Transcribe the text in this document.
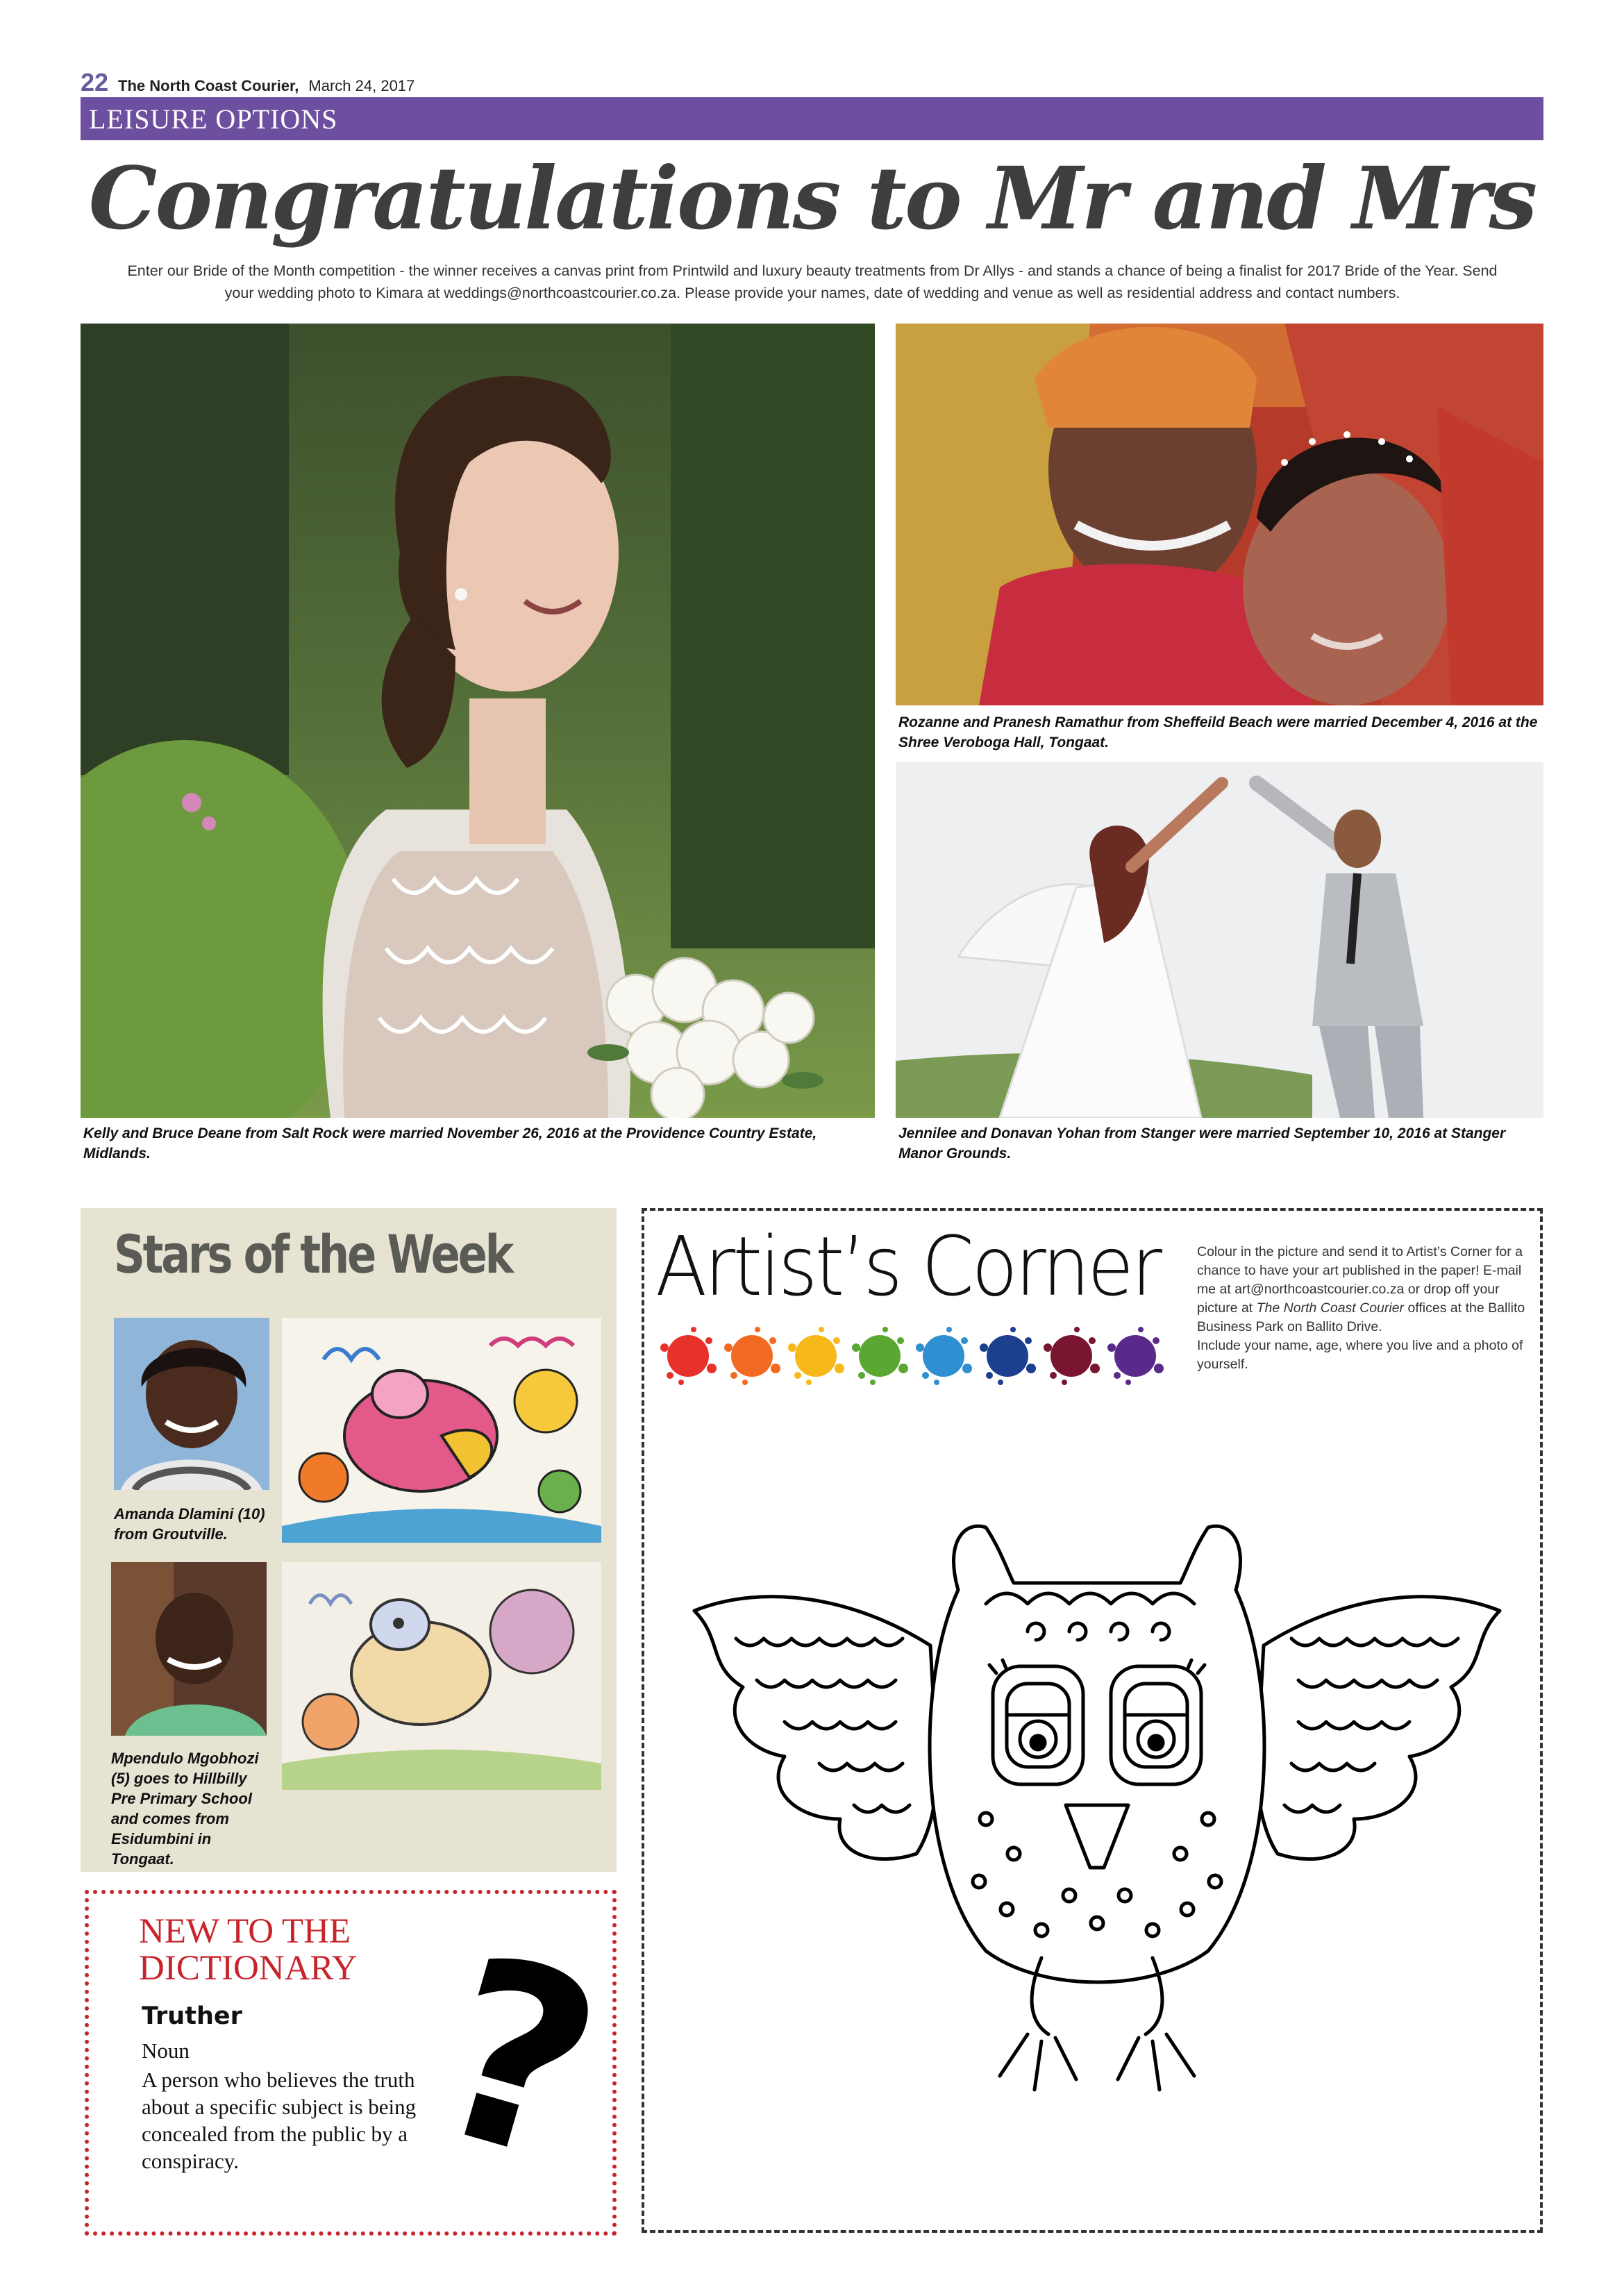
22 The North Coast Courier, March 24, 2017
LEISURE OPTIONS
Congratulations to Mr and Mrs
Enter our Bride of the Month competition - the winner receives a canvas print from Printwild and luxury beauty treatments from Dr Allys - and stands a chance of being a finalist for 2017 Bride of the Year. Send your wedding photo to Kimara at weddings@northcoastcourier.co.za. Please provide your names, date of wedding and venue as well as residential address and contact numbers.
Kelly and Bruce Deane from Salt Rock were married November 26, 2016 at the Providence Country Estate, Midlands.
Rozanne and Pranesh Ramathur from Sheffeild Beach were married December 4, 2016 at the Shree Veroboga Hall, Tongaat.
Jennilee and Donavan Yohan from Stanger were married September 10, 2016 at Stanger Manor Grounds.
Stars of the Week
Amanda Dlamini (10) from Groutville.
Mpendulo Mgobhozi (5) goes to Hillbilly Pre Primary School and comes from Esidumbini in Tongaat.
NEW TO THE DICTIONARY
Truther
Noun
A person who believes the truth about a specific subject is being concealed from the public by a conspiracy. ?
Artist’s Corner	Colour in the picture and send it to Artist’s Corner for a chance to have your art published in the paper! E-mail me at art@northcoastcourier.co.za or drop off your picture at The North Coast Courier offices at the Ballito Business Park on Ballito Drive.
Include your name, age, where you live and a photo of yourself.
